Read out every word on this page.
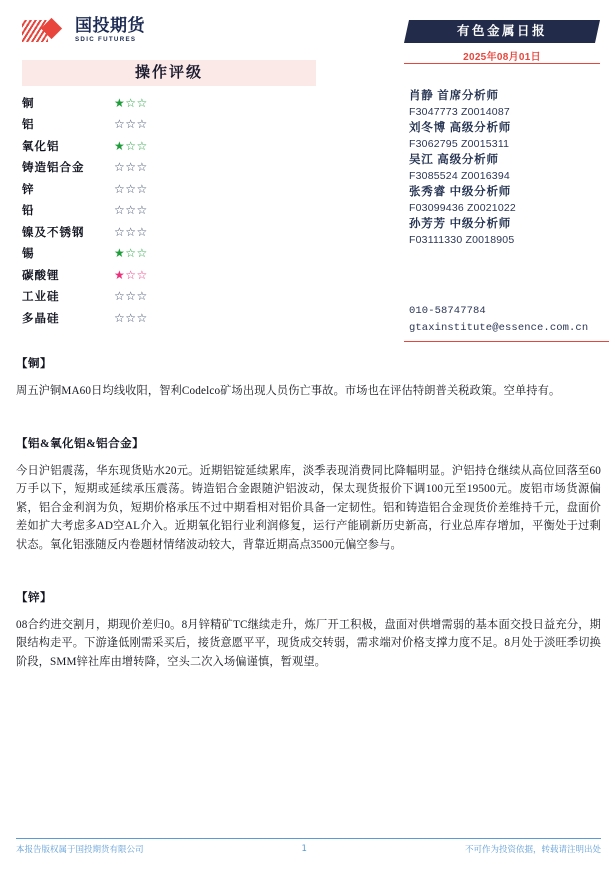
国投期货
SDIC FUTURES
操作评级
铜	★☆☆
铝	☆☆☆
氧化铝	★☆☆
铸造铝合金	☆☆☆
锌	☆☆☆
铅	☆☆☆
镍及不锈钢	☆☆☆
锡	★☆☆
碳酸锂	★☆☆
工业硅	☆☆☆
多晶硅	☆☆☆
有色金属日报
2025年08月01日
肖静 首席分析师
F3047773 Z0014087
刘冬博 高级分析师
F3062795 Z0015311
吴江 高级分析师
F3085524 Z0016394
张秀睿 中级分析师
F03099436 Z0021022
孙芳芳 中级分析师
F03111330 Z0018905
010-58747784
gtaxinstitute@essence.com.cn
【铜】
周五沪铜MA60日均线收阳，智利Codelco矿场出现人员伤亡事故。市场也在评估特朗普关税政策。空单持有。
【铝&氧化铝&铝合金】
今日沪铝震荡，华东现货贴水20元。近期铝锭延续累库，淡季表现消费同比降幅明显。沪铝持仓继续从高位回落至60万手以下，短期或延续承压震荡。铸造铝合金跟随沪铝波动，保太现货报价下调100元至19500元。废铝市场货源偏紧，铝合金利润为负，短期价格承压不过中期看相对铝价具备一定韧性。铝和铸造铝合金现货价差维持千元，盘面价差如扩大考虑多AD空AL介入。近期氧化铝行业利润修复，运行产能刷新历史新高，行业总库存增加，平衡处于过剩状态。氧化铝涨随反内卷题材情绪波动较大，背靠近期高点3500元偏空参与。
【锌】
08合约进交割月，期现价差归0。8月锌精矿TC继续走升，炼厂开工积极，盘面对供增需弱的基本面交投日益充分，期限结构走平。下游逢低刚需采买后，接货意愿平平，现货成交转弱，需求端对价格支撑力度不足。8月处于淡旺季切换阶段，SMM锌社库由增转降，空头二次入场偏谨慎，暂观望。
本报告版权属于国投期货有限公司	1	不可作为投资依据，转载请注明出处
